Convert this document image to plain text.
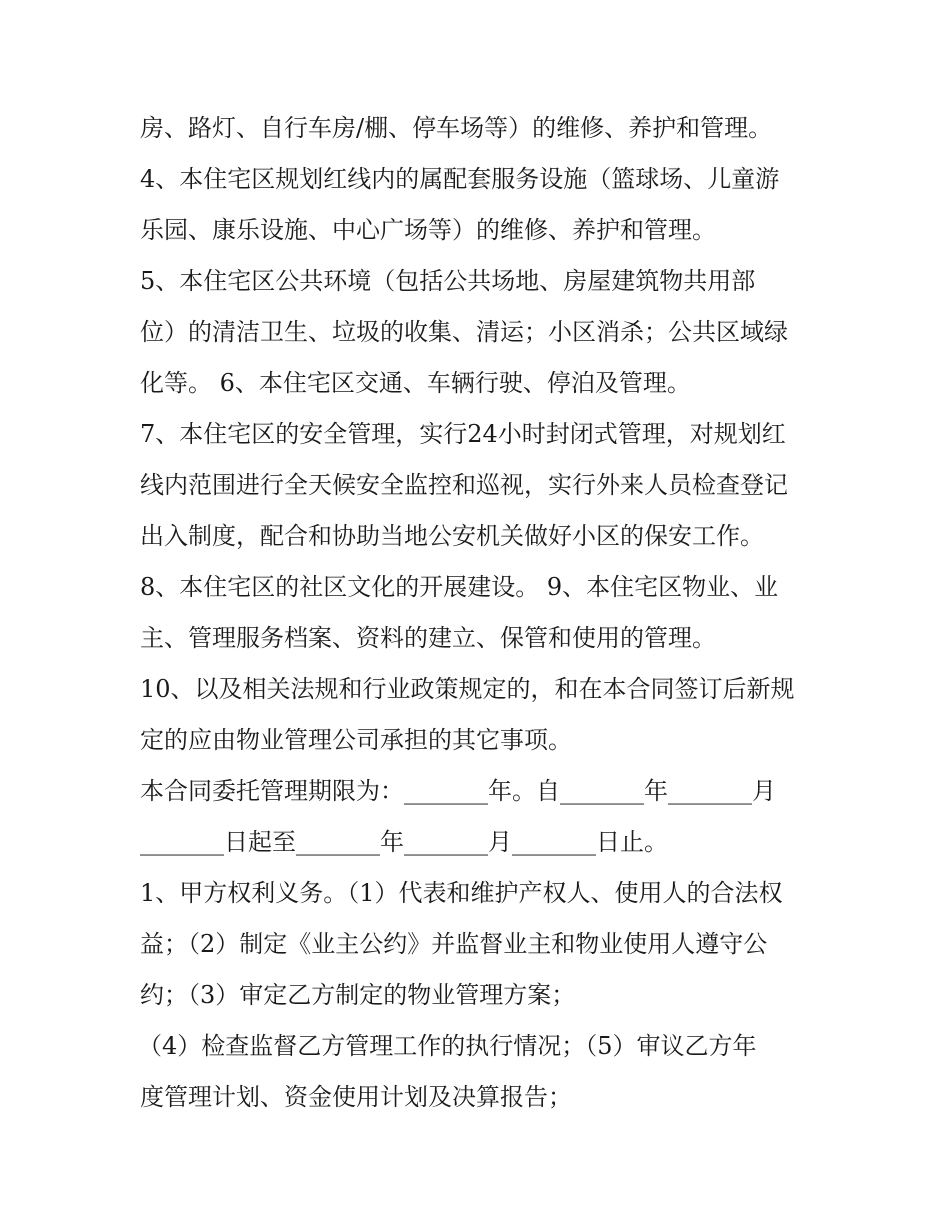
房、路灯、自行车房/棚、停车场等）的维修、养护和管理。
4、本住宅区规划红线内的属配套服务设施（篮球场、儿童游
乐园、康乐设施、中心广场等）的维修、养护和管理。
5、本住宅区公共环境（包括公共场地、房屋建筑物共用部
位）的清洁卫生、垃圾的收集、清运；小区消杀；公共区域绿
化等。 6、本住宅区交通、车辆行驶、停泊及管理。
7、本住宅区的安全管理，实行24小时封闭式管理，对规划红
线内范围进行全天候安全监控和巡视，实行外来人员检查登记
出入制度，配合和协助当地公安机关做好小区的保安工作。
8、本住宅区的社区文化的开展建设。 9、本住宅区物业、业
主、管理服务档案、资料的建立、保管和使用的管理。
10、以及相关法规和行业政策规定的，和在本合同签订后新规
定的应由物业管理公司承担的其它事项。
本合同委托管理期限为：_______年。自_______年_______月
_______日起至_______年_______月_______日止。
1、甲方权利义务。（1）代表和维护产权人、使用人的合法权
益；（2）制定《业主公约》并监督业主和物业使用人遵守公
约；（3）审定乙方制定的物业管理方案；
（4）检查监督乙方管理工作的执行情况；（5）审议乙方年
度管理计划、资金使用计划及决算报告；
